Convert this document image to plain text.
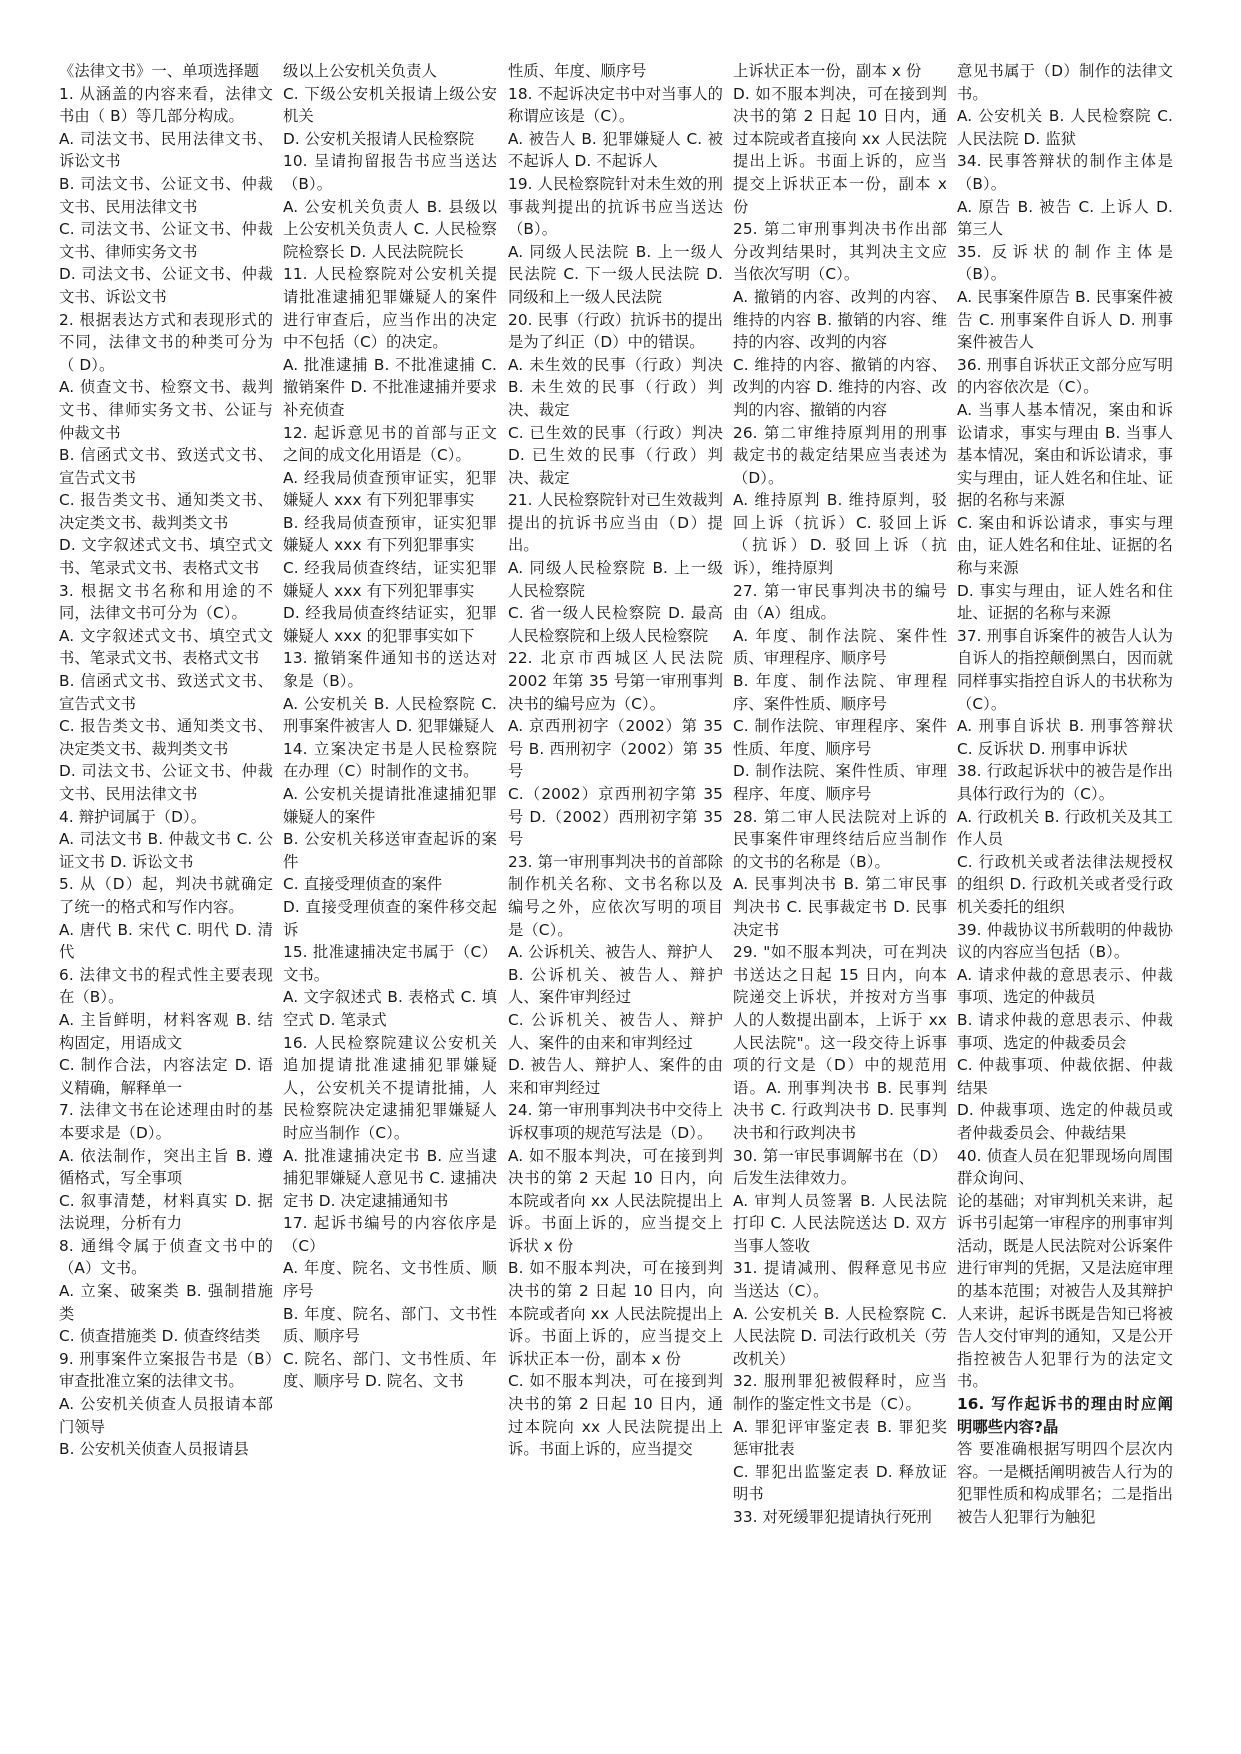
《法律文书》一、单项选择题

1. 从涵盖的内容来看，法律文书由（ B）等几部分构成。

A. 司法文书、民用法律文书、诉讼文书

B. 司法文书、公证文书、仲裁文书、民用法律文书

C. 司法文书、公证文书、仲裁文书、律师实务文书

D. 司法文书、公证文书、仲裁文书、诉讼文书

2. 根据表达方式和表现形式的不同，法律文书的种类可分为（ D）。

A. 侦查文书、检察文书、裁判文书、律师实务文书、公证与仲裁文书

B. 信函式文书、致送式文书、宣告式文书

C. 报告类文书、通知类文书、决定类文书、裁判类文书

D. 文字叙述式文书、填空式文书、笔录式文书、表格式文书

3. 根据文书名称和用途的不同，法律文书可分为（C）。

A. 文字叙述式文书、填空式文书、笔录式文书、表格式文书

B. 信函式文书、致送式文书、宣告式文书

C. 报告类文书、通知类文书、决定类文书、裁判类文书

D. 司法文书、公证文书、仲裁文书、民用法律文书

4. 辩护词属于（D）。

A. 司法文书 B. 仲裁文书 C. 公证文书 D. 诉讼文书

5. 从（D）起，判决书就确定了统一的格式和写作内容。

A. 唐代 B. 宋代 C. 明代 D. 清代

6. 法律文书的程式性主要表现在（B）。

A. 主旨鲜明，材料客观 B. 结构固定，用语成文

C. 制作合法，内容法定 D. 语义精确，解释单一

7. 法律文书在论述理由时的基本要求是（D）。

A. 依法制作，突出主旨 B. 遵循格式，写全事项

C. 叙事清楚，材料真实 D. 据法说理，分析有力

8. 通缉令属于侦查文书中的（A）文书。

A. 立案、破案类 B. 强制措施类

C. 侦查措施类 D. 侦查终结类

9. 刑事案件立案报告书是（B）审查批准立案的法律文书。

A. 公安机关侦查人员报请本部门领导

B. 公安机关侦查人员报请县

级以上公安机关负责人

C. 下级公安机关报请上级公安机关

D. 公安机关报请人民检察院

10. 呈请拘留报告书应当送达（B）。

A. 公安机关负责人 B. 县级以上公安机关负责人 C. 人民检察院检察长 D. 人民法院院长

11. 人民检察院对公安机关提请批准逮捕犯罪嫌疑人的案件进行审查后，应当作出的决定中不包括（C）的决定。

A. 批准逮捕 B. 不批准逮捕 C. 撤销案件 D. 不批准逮捕并要求补充侦查

12. 起诉意见书的首部与正文之间的成文化用语是（C）。

A. 经我局侦查预审证实，犯罪嫌疑人 xxx 有下列犯罪事实

B. 经我局侦查预审，证实犯罪嫌疑人 xxx 有下列犯罪事实

C. 经我局侦查终结，证实犯罪嫌疑人 xxx 有下列犯罪事实

D. 经我局侦查终结证实，犯罪嫌疑人 xxx 的犯罪事实如下

13. 撤销案件通知书的送达对象是（B）。

A. 公安机关 B. 人民检察院 C. 刑事案件被害人 D. 犯罪嫌疑人

14. 立案决定书是人民检察院在办理（C）时制作的文书。

A. 公安机关提请批准逮捕犯罪嫌疑人的案件

B. 公安机关移送审查起诉的案件

C. 直接受理侦查的案件

D. 直接受理侦查的案件移交起诉

15. 批准逮捕决定书属于（C）文书。

A. 文字叙述式 B. 表格式 C. 填空式 D. 笔录式

16. 人民检察院建议公安机关追加提请批准逮捕犯罪嫌疑人，公安机关不提请批捕，人民检察院决定逮捕犯罪嫌疑人时应当制作（C）。

A. 批准逮捕决定书 B. 应当逮捕犯罪嫌疑人意见书 C. 逮捕决定书 D. 决定逮捕通知书

17. 起诉书编号的内容依序是（C）

A. 年度、院名、文书性质、顺序号

B. 年度、院名、部门、文书性质、顺序号

C. 院名、部门、文书性质、年度、顺序号 D. 院名、文书

性质、年度、顺序号

18. 不起诉决定书中对当事人的称谓应该是（C）。

A. 被告人 B. 犯罪嫌疑人 C. 被不起诉人 D. 不起诉人

19. 人民检察院针对未生效的刑事裁判提出的抗诉书应当送达（B）。

A. 同级人民法院 B. 上一级人民法院 C. 下一级人民法院 D. 同级和上一级人民法院

20. 民事（行政）抗诉书的提出是为了纠正（D）中的错误。

A. 未生效的民事（行政）判决 B. 未生效的民事（行政）判决、裁定

C. 已生效的民事（行政）判决 D. 已生效的民事（行政）判决、裁定

21. 人民检察院针对已生效裁判提出的抗诉书应当由（D）提出。

A. 同级人民检察院 B. 上一级人民检察院

C. 省一级人民检察院 D. 最高人民检察院和上级人民检察院

22. 北京市西城区人民法院 2002 年第 35 号第一审刑事判决书的编号应为（C）。

A. 京西刑初字（2002）第 35 号 B. 西刑初字（2002）第 35 号

C.（2002）京西刑初字第 35 号 D.（2002）西刑初字第 35 号

23. 第一审刑事判决书的首部除制作机关名称、文书名称以及编号之外，应依次写明的项目是（C）。

A. 公诉机关、被告人、辩护人

B. 公诉机关、被告人、辩护人、案件审判经过

C. 公诉机关、被告人、辩护人、案件的由来和审判经过

D. 被告人、辩护人、案件的由来和审判经过

24. 第一审刑事判决书中交待上诉权事项的规范写法是（D）。

A. 如不服本判决，可在接到判决书的第 2 天起 10 日内，向本院或者向 xx 人民法院提出上诉。书面上诉的，应当提交上诉状 x 份

B. 如不服本判决，可在接到判决书的第 2 日起 10 日内，向本院或者向 xx 人民法院提出上诉。书面上诉的，应当提交上诉状正本一份，副本 x 份

C. 如不服本判决，可在接到判决书的第 2 日起 10 日内，通过本院向 xx 人民法院提出上诉。书面上诉的，应当提交

上诉状正本一份，副本 x 份

D. 如不服本判决，可在接到判决书的第 2 日起 10 日内，通过本院或者直接向 xx 人民法院提出上诉。书面上诉的，应当提交上诉状正本一份，副本 x 份

25. 第二审刑事判决书作出部分改判结果时，其判决主文应当依次写明（C）。

A. 撤销的内容、改判的内容、维持的内容 B. 撤销的内容、维持的内容、改判的内容

C. 维持的内容、撤销的内容、改判的内容 D. 维持的内容、改判的内容、撤销的内容

26. 第二审维持原判用的刑事裁定书的裁定结果应当表述为（D）。

A. 维持原判 B. 维持原判，驳回上诉（抗诉）C. 驳回上诉（抗诉）D. 驳回上诉（抗诉），维持原判

27. 第一审民事判决书的编号由（A）组成。

A. 年度、制作法院、案件性质、审理程序、顺序号

B. 年度、制作法院、审理程序、案件性质、顺序号

C. 制作法院、审理程序、案件性质、年度、顺序号

D. 制作法院、案件性质、审理程序、年度、顺序号

28. 第二审人民法院对上诉的民事案件审理终结后应当制作的文书的名称是（B）。

A. 民事判决书 B. 第二审民事判决书 C. 民事裁定书 D. 民事决定书

29. "如不服本判决，可在判决书送达之日起 15 日内，向本院递交上诉状，并按对方当事人的人数提出副本，上诉于 xx 人民法院"。这一段交待上诉事项的行文是（D）中的规范用语。A. 刑事判决书 B. 民事判决书 C. 行政判决书 D. 民事判决书和行政判决书

30. 第一审民事调解书在（D）后发生法律效力。

A. 审判人员签署 B. 人民法院打印 C. 人民法院送达 D. 双方当事人签收

31. 提请减刑、假释意见书应当送达（C）。

A. 公安机关 B. 人民检察院 C. 人民法院 D. 司法行政机关（劳改机关）

32. 服刑罪犯被假释时，应当制作的鉴定性文书是（C）。

A. 罪犯评审鉴定表 B. 罪犯奖惩审批表

C. 罪犯出监鉴定表 D. 释放证明书

33. 对死缓罪犯提请执行死刑

意见书属于（D）制作的法律文书。

A. 公安机关 B. 人民检察院 C. 人民法院 D. 监狱

34. 民事答辩状的制作主体是（B）。

A. 原告 B. 被告 C. 上诉人 D. 第三人

35. 反诉状的制作主体是（B）。

A. 民事案件原告 B. 民事案件被告 C. 刑事案件自诉人 D. 刑事案件被告人

36. 刑事自诉状正文部分应写明的内容依次是（C）。

A. 当事人基本情况，案由和诉讼请求，事实与理由 B. 当事人基本情况，案由和诉讼请求，事实与理由，证人姓名和住址、证据的名称与来源

C. 案由和诉讼请求，事实与理由，证人姓名和住址、证据的名称与来源

D. 事实与理由，证人姓名和住址、证据的名称与来源

37. 刑事自诉案件的被告人认为自诉人的指控颠倒黑白，因而就同样事实指控自诉人的书状称为（C）。

A. 刑事自诉状 B. 刑事答辩状 C. 反诉状 D. 刑事申诉状

38. 行政起诉状中的被告是作出具体行政行为的（C）。

A. 行政机关 B. 行政机关及其工作人员

C. 行政机关或者法律法规授权的组织 D. 行政机关或者受行政机关委托的组织

39. 仲裁协议书所载明的仲裁协议的内容应当包括（B）。

A. 请求仲裁的意思表示、仲裁事项、选定的仲裁员

B. 请求仲裁的意思表示、仲裁事项、选定的仲裁委员会

C. 仲裁事项、仲裁依据、仲裁结果

D. 仲裁事项、选定的仲裁员或者仲裁委员会、仲裁结果

40. 侦查人员在犯罪现场向周围群众询问、

论的基础；对审判机关来讲，起诉书引起第一审程序的刑事审判活动，既是人民法院对公诉案件进行审判的凭据，又是法庭审理的基本范围；对被告人及其辩护人来讲，起诉书既是告知已将被告人交付审判的通知，又是公开指控被告人犯罪行为的法定文书。

16. 写作起诉书的理由时应阐明哪些内容?晶

答 要准确根据写明四个层次内容。一是概括阐明被告人行为的犯罪性质和构成罪名；二是指出被告人犯罪行为触犯
